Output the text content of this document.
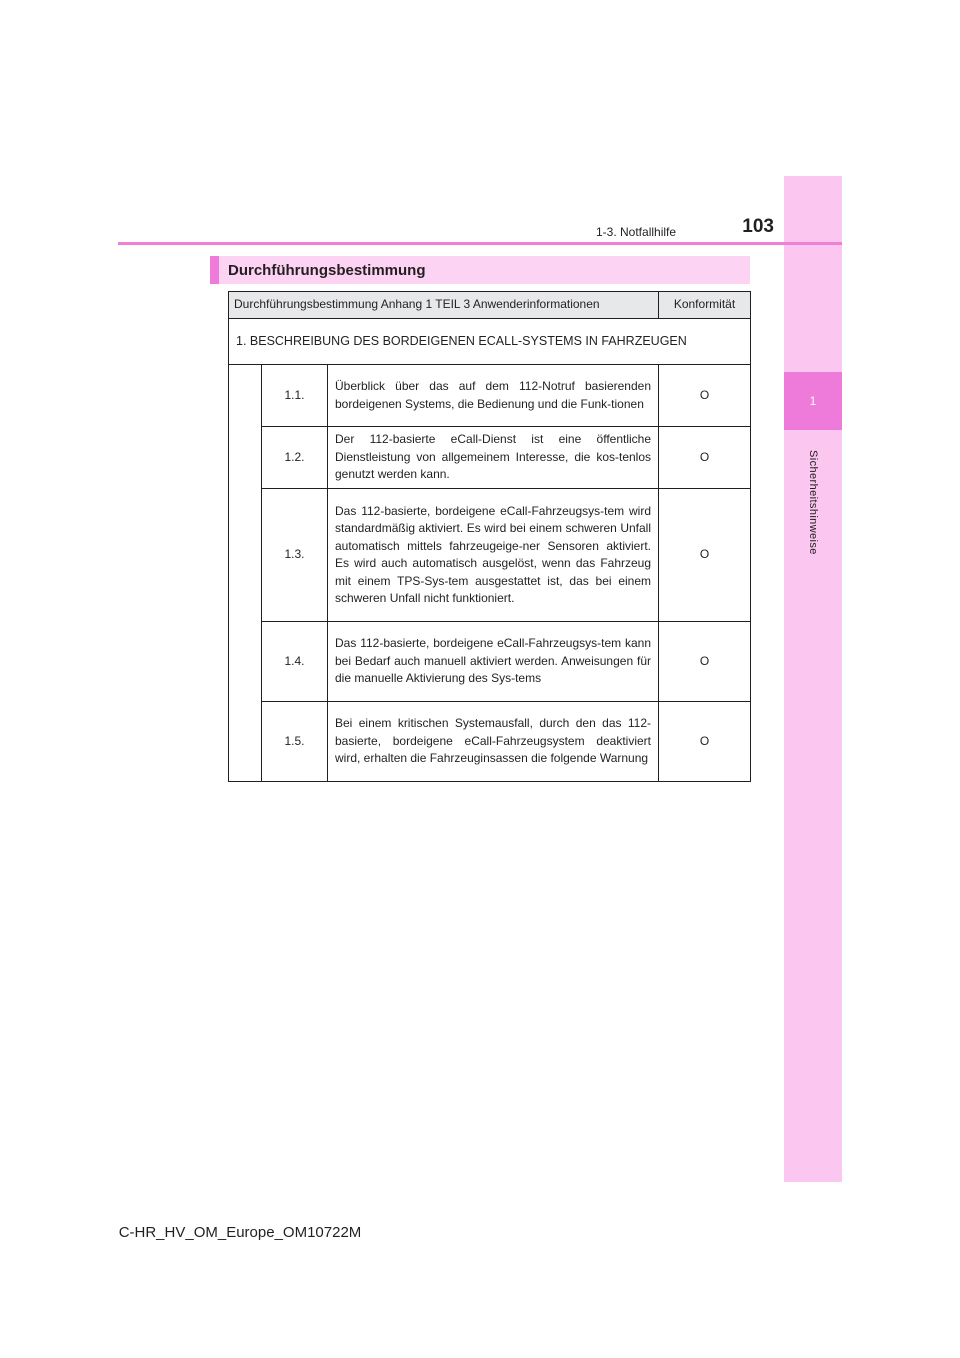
1
Sicherheitshinweise
1-3. Notfallhilfe	103
Durchführungsbestimmung
Durchführungsbestimmung Anhang 1 TEIL 3 Anwenderinformationen			Konformität
1. BESCHREIBUNG DES BORDEIGENEN ECALL-SYSTEMS IN FAHRZEUGEN			
	1.1.	Überblick über das auf dem 112-Notruf basierenden bordeigenen Systems, die Bedienung und die Funk-tionen	O
	1.2.	Der 112-basierte eCall-Dienst ist eine öffentliche Dienstleistung von allgemeinem Interesse, die kos-tenlos genutzt werden kann.	O
	1.3.	Das 112-basierte, bordeigene eCall-Fahrzeugsys-tem wird standardmäßig aktiviert. Es wird bei einem schweren Unfall automatisch mittels fahrzeugeige-ner Sensoren aktiviert. Es wird auch automatisch ausgelöst, wenn das Fahrzeug mit einem TPS-Sys-tem ausgestattet ist, das bei einem schweren Unfall nicht funktioniert.	O
	1.4.	Das 112-basierte, bordeigene eCall-Fahrzeugsys-tem kann bei Bedarf auch manuell aktiviert werden. Anweisungen für die manuelle Aktivierung des Sys-tems	O
	1.5.	Bei einem kritischen Systemausfall, durch den das 112-basierte, bordeigene eCall-Fahrzeugsystem deaktiviert wird, erhalten die Fahrzeuginsassen die folgende Warnung	O
C-HR_HV_OM_Europe_OM10722M
